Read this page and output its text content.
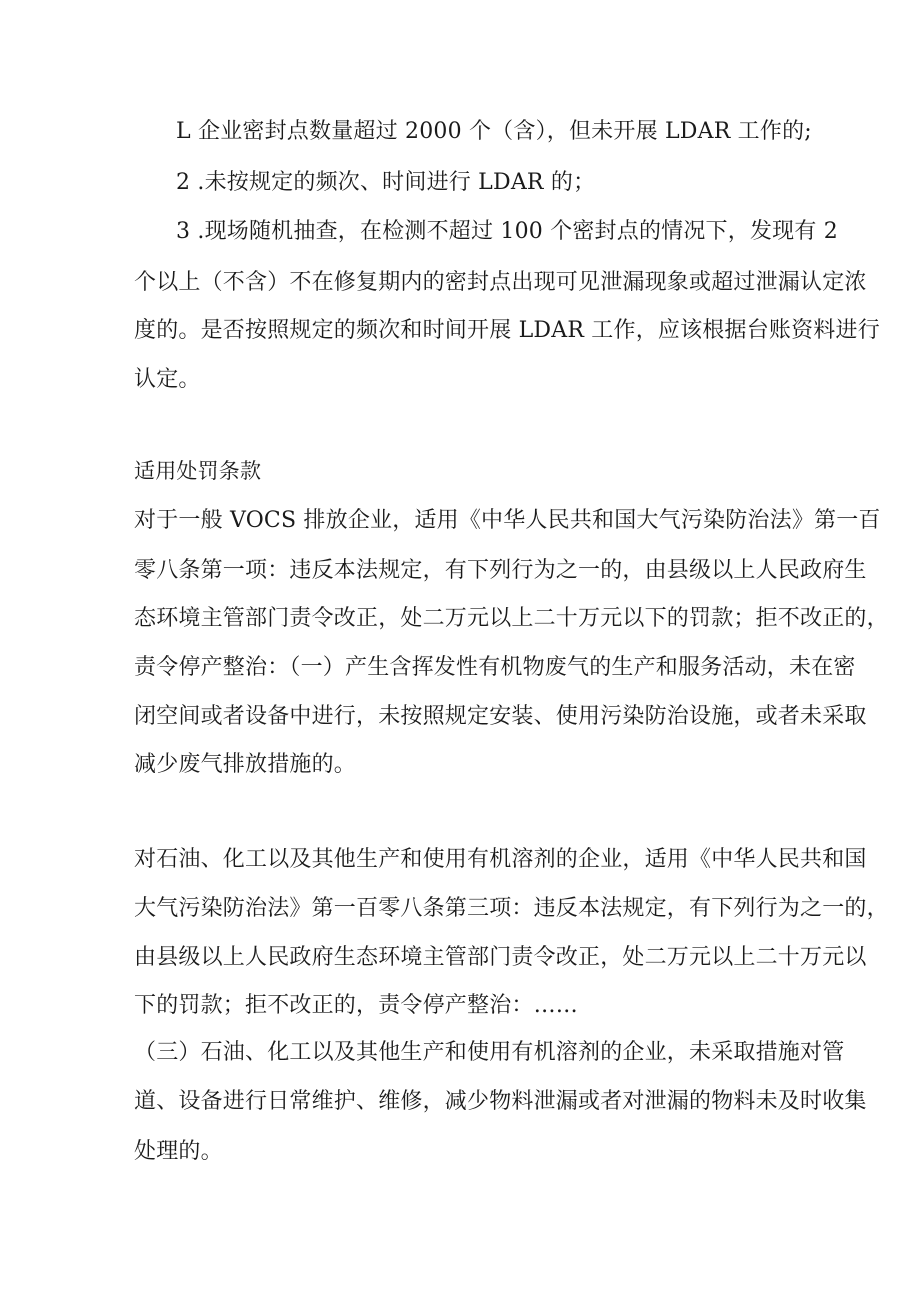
L 企业密封点数量超过 2000 个（含），但未开展 LDAR 工作的;
2 .未按规定的频次、时间进行 LDAR 的；
3 .现场随机抽查，在检测不超过 100 个密封点的情况下，发现有 2
个以上（不含）不在修复期内的密封点出现可见泄漏现象或超过泄漏认定浓
度的。是否按照规定的频次和时间开展 LDAR 工作，应该根据台账资料进行
认定。
适用处罚条款
对于一般 VOCS 排放企业，适用《中华人民共和国大气污染防治法》第一百
零八条第一项：违反本法规定，有下列行为之一的，由县级以上人民政府生
态环境主管部门责令改正，处二万元以上二十万元以下的罚款；拒不改正的，
责令停产整治：（一）产生含挥发性有机物废气的生产和服务活动，未在密
闭空间或者设备中进行，未按照规定安装、使用污染防治设施，或者未采取
减少废气排放措施的。
对石油、化工以及其他生产和使用有机溶剂的企业，适用《中华人民共和国
大气污染防治法》第一百零八条第三项：违反本法规定，有下列行为之一的，
由县级以上人民政府生态环境主管部门责令改正，处二万元以上二十万元以
下的罚款；拒不改正的，责令停产整治：……
（三）石油、化工以及其他生产和使用有机溶剂的企业，未采取措施对管
道、设备进行日常维护、维修，减少物料泄漏或者对泄漏的物料未及时收集
处理的。
